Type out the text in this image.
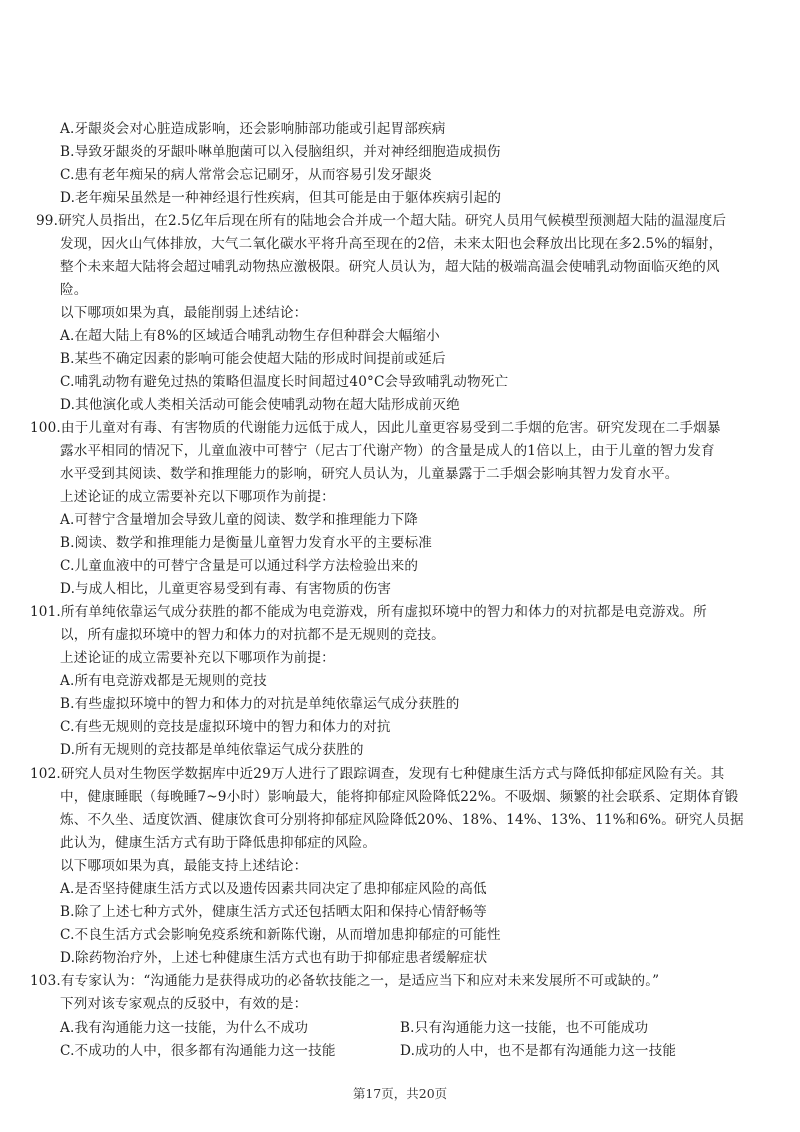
A.牙龈炎会对心脏造成影响，还会影响肺部功能或引起胃部疾病
B.导致牙龈炎的牙龈卟啉单胞菌可以入侵脑组织，并对神经细胞造成损伤
C.患有老年痴呆的病人常常会忘记刷牙，从而容易引发牙龈炎
D.老年痴呆虽然是一种神经退行性疾病，但其可能是由于躯体疾病引起的
99.研究人员指出，在2.5亿年后现在所有的陆地会合并成一个超大陆。研究人员用气候模型预测超大陆的温湿度后
发现，因火山气体排放，大气二氧化碳水平将升高至现在的2倍，未来太阳也会释放出比现在多2.5%的辐射，
整个未来超大陆将会超过哺乳动物热应激极限。研究人员认为，超大陆的极端高温会使哺乳动物面临灭绝的风
险。
以下哪项如果为真，最能削弱上述结论：
A.在超大陆上有8%的区域适合哺乳动物生存但种群会大幅缩小
B.某些不确定因素的影响可能会使超大陆的形成时间提前或延后
C.哺乳动物有避免过热的策略但温度长时间超过40°C会导致哺乳动物死亡
D.其他演化或人类相关活动可能会使哺乳动物在超大陆形成前灭绝
100.由于儿童对有毒、有害物质的代谢能力远低于成人，因此儿童更容易受到二手烟的危害。研究发现在二手烟暴
露水平相同的情况下，儿童血液中可替宁（尼古丁代谢产物）的含量是成人的1倍以上，由于儿童的智力发育
水平受到其阅读、数学和推理能力的影响，研究人员认为，儿童暴露于二手烟会影响其智力发育水平。
上述论证的成立需要补充以下哪项作为前提：
A.可替宁含量增加会导致儿童的阅读、数学和推理能力下降
B.阅读、数学和推理能力是衡量儿童智力发育水平的主要标准
C.儿童血液中的可替宁含量是可以通过科学方法检验出来的
D.与成人相比，儿童更容易受到有毒、有害物质的伤害
101.所有单纯依靠运气成分获胜的都不能成为电竞游戏，所有虚拟环境中的智力和体力的对抗都是电竞游戏。所
以，所有虚拟环境中的智力和体力的对抗都不是无规则的竞技。
上述论证的成立需要补充以下哪项作为前提：
A.所有电竞游戏都是无规则的竞技
B.有些虚拟环境中的智力和体力的对抗是单纯依靠运气成分获胜的
C.有些无规则的竞技是虚拟环境中的智力和体力的对抗
D.所有无规则的竞技都是单纯依靠运气成分获胜的
102.研究人员对生物医学数据库中近29万人进行了跟踪调查，发现有七种健康生活方式与降低抑郁症风险有关。其
中，健康睡眠（每晚睡7~9小时）影响最大，能将抑郁症风险降低22%。不吸烟、频繁的社会联系、定期体育锻
炼、不久坐、适度饮酒、健康饮食可分别将抑郁症风险降低20%、18%、14%、13%、11%和6%。研究人员据
此认为，健康生活方式有助于降低患抑郁症的风险。
以下哪项如果为真，最能支持上述结论：
A.是否坚持健康生活方式以及遗传因素共同决定了患抑郁症风险的高低
B.除了上述七种方式外，健康生活方式还包括晒太阳和保持心情舒畅等
C.不良生活方式会影响免疫系统和新陈代谢，从而增加患抑郁症的可能性
D.除药物治疗外，上述七种健康生活方式也有助于抑郁症患者缓解症状
103.有专家认为：“沟通能力是获得成功的必备软技能之一，是适应当下和应对未来发展所不可或缺的。”
下列对该专家观点的反驳中，有效的是：
A.我有沟通能力这一技能，为什么不成功	B.只有沟通能力这一技能，也不可能成功
C.不成功的人中，很多都有沟通能力这一技能	D.成功的人中，也不是都有沟通能力这一技能
第17页，共20页
